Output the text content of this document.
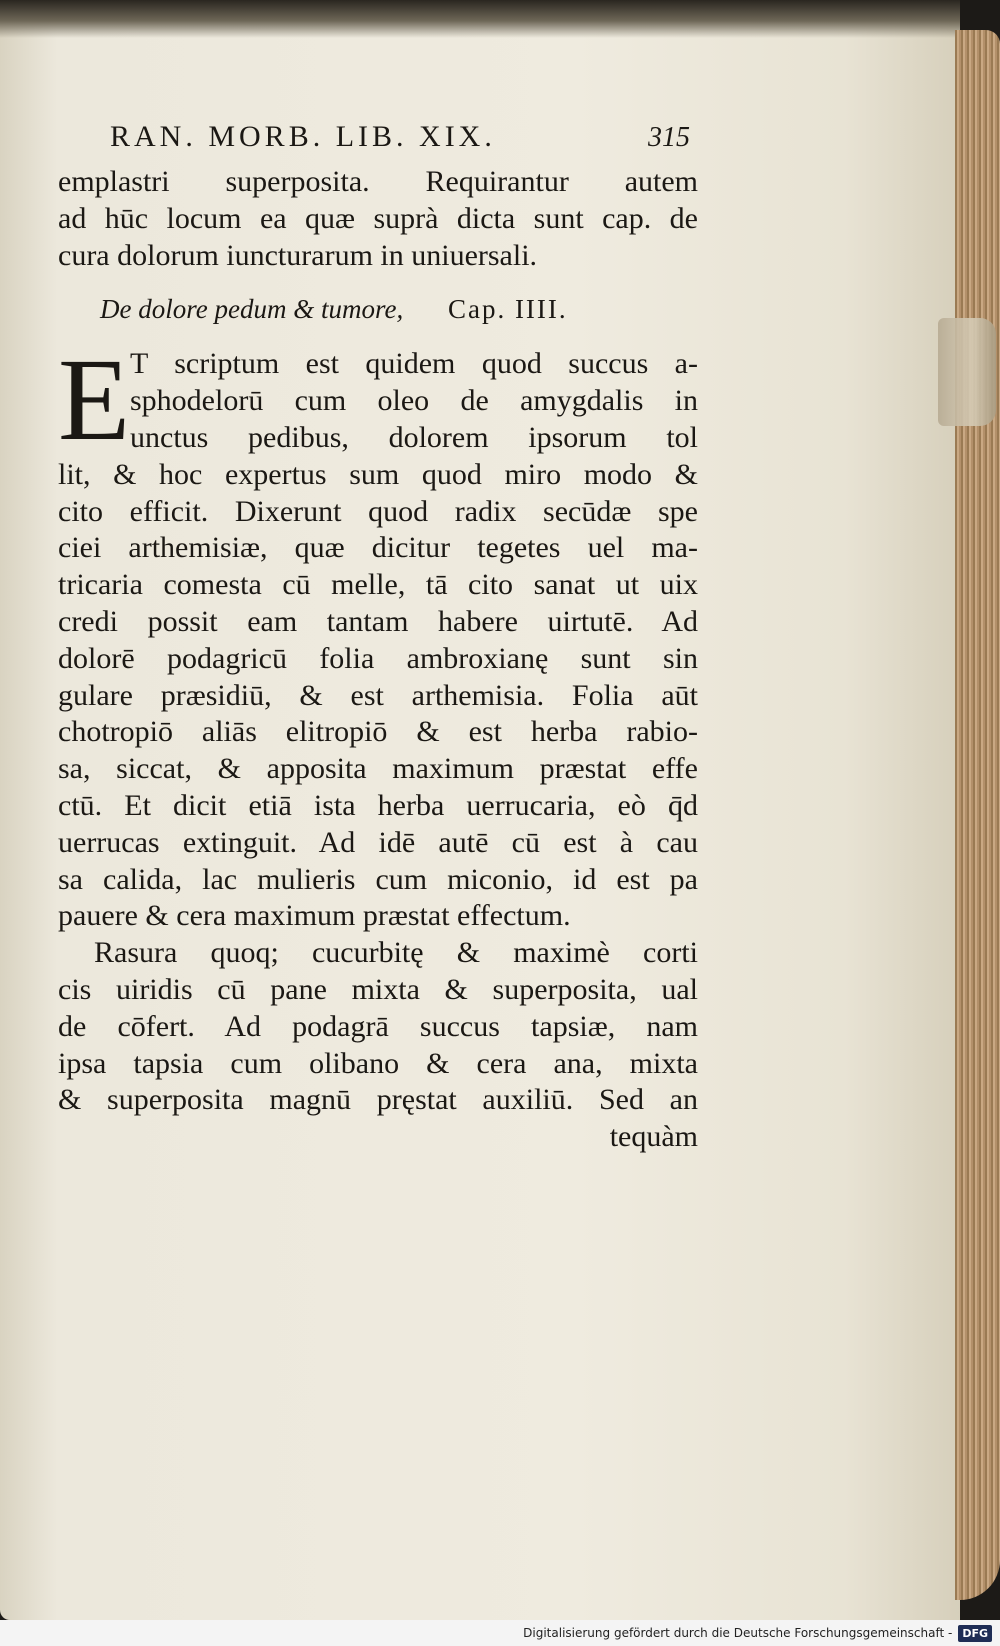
RAN. MORB. LIB. XIX.	315
emplastri superposita. Requirantur autem
ad hūc locum ea quæ suprà dicta sunt cap. de
cura dolorum iuncturarum in uniuersali.
De dolore pedum & tumore, Cap. IIII.
E T scriptum est quidem quod succus a-
sphodelorū cum oleo de amygdalis in
unctus pedibus, dolorem ipsorum tol
lit, & hoc expertus sum quod miro modo &
cito efficit. Dixerunt quod radix secūdæ spe
ciei arthemisiæ, quæ dicitur tegetes uel ma-
tricaria comesta cū melle, tā cito sanat ut uix
credi possit eam tantam habere uirtutē. Ad
dolorē podagricū folia ambroxianę sunt sin
gulare præsidiū, & est arthemisia. Folia aūt
chotropiō aliās elitropiō & est herba rabio-
sa, siccat, & apposita maximum præstat effe
ctū. Et dicit etiā ista herba uerrucaria, eò q̄d
uerrucas extinguit. Ad idē autē cū est à cau
sa calida, lac mulieris cum miconio, id est pa
pauere & cera maximum præstat effectum.
Rasura quoq; cucurbitę & maximè corti
cis uiridis cū pane mixta & superposita, ual
de cōfert. Ad podagrā succus tapsiæ, nam
ipsa tapsia cum olibano & cera ana, mixta
& superposita magnū pręstat auxiliū. Sed an
tequàm
Digitalisierung gefördert durch die Deutsche Forschungsgemeinschaft - DFG
